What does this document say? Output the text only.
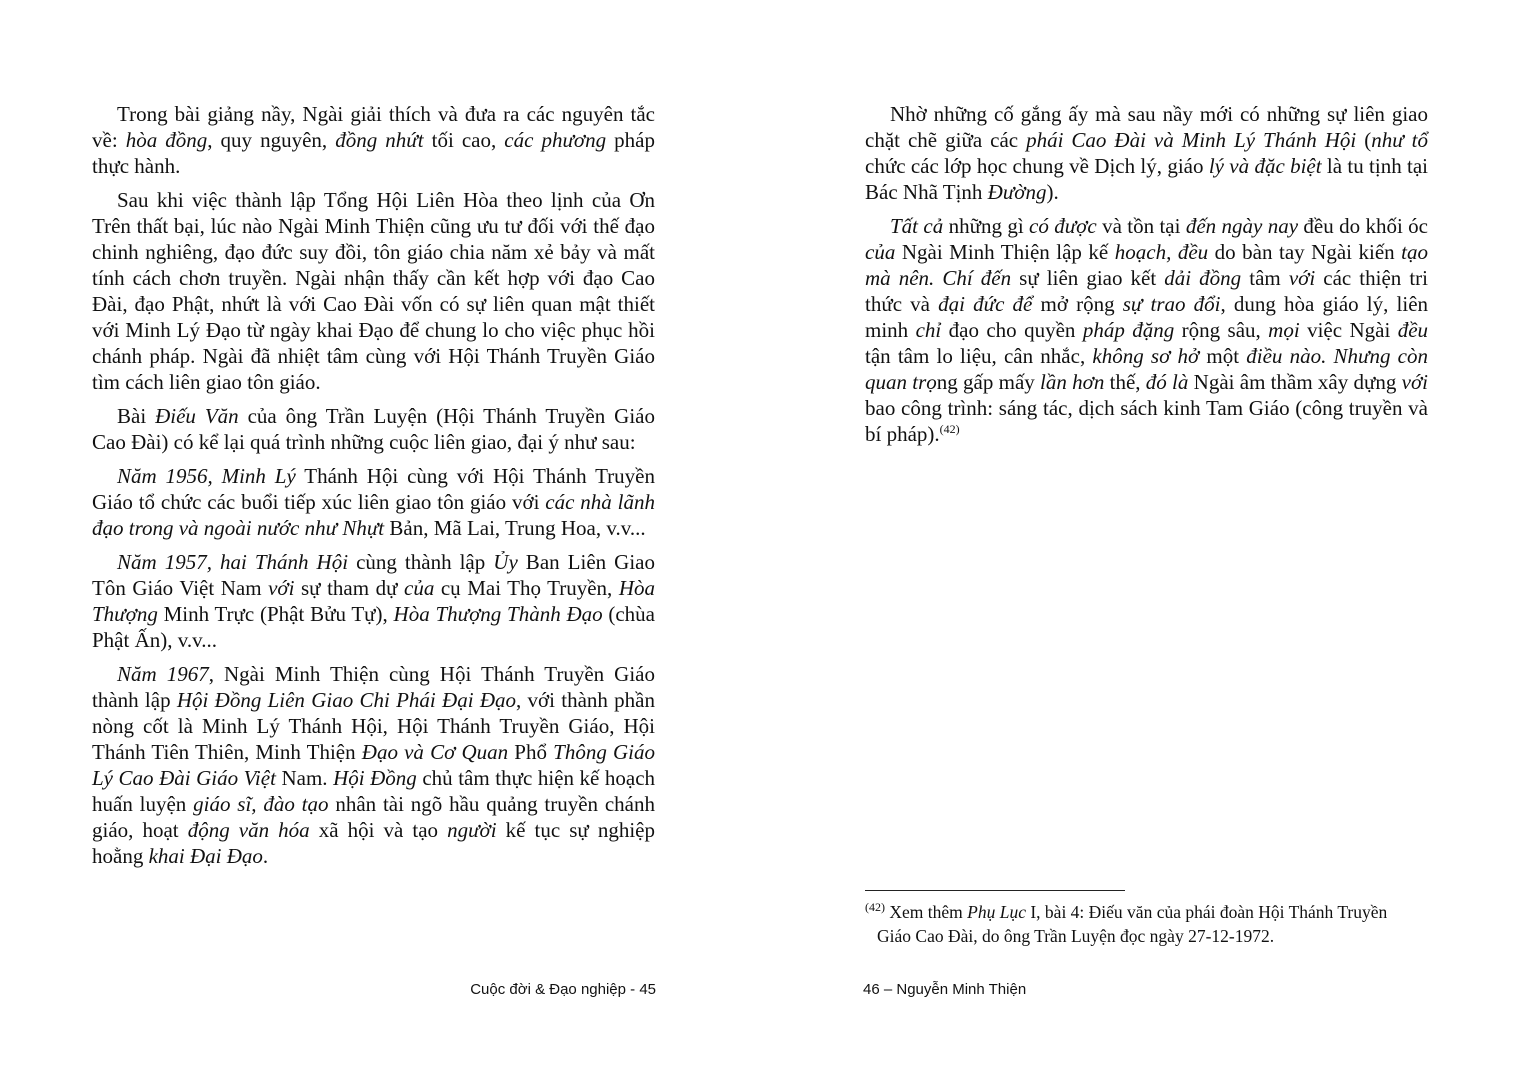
Trong bài giảng nầy, Ngài giải thích và đưa ra các nguyên tắc về: hòa đồng, quy nguyên, đồng nhứt tối cao, các phương pháp thực hành.

Sau khi việc thành lập Tổng Hội Liên Hòa theo lịnh của Ơn Trên thất bại, lúc nào Ngài Minh Thiện cũng ưu tư đối với thế đạo chinh nghiêng, đạo đức suy đồi, tôn giáo chia năm xẻ bảy và mất tính cách chơn truyền. Ngài nhận thấy cần kết hợp với đạo Cao Đài, đạo Phật, nhứt là với Cao Đài vốn có sự liên quan mật thiết với Minh Lý Đạo từ ngày khai Đạo để chung lo cho việc phục hồi chánh pháp. Ngài đã nhiệt tâm cùng với Hội Thánh Truyền Giáo tìm cách liên giao tôn giáo.

Bài Điếu Văn của ông Trần Luyện (Hội Thánh Truyền Giáo Cao Đài) có kể lại quá trình những cuộc liên giao, đại ý như sau:

Năm 1956, Minh Lý Thánh Hội cùng với Hội Thánh Truyền Giáo tổ chức các buổi tiếp xúc liên giao tôn giáo với các nhà lãnh đạo trong và ngoài nước như Nhựt Bản, Mã Lai, Trung Hoa, v.v...

Năm 1957, hai Thánh Hội cùng thành lập Ủy Ban Liên Giao Tôn Giáo Việt Nam với sự tham dự của cụ Mai Thọ Truyền, Hòa Thượng Minh Trực (Phật Bửu Tự), Hòa Thượng Thành Đạo (chùa Phật Ấn), v.v...

Năm 1967, Ngài Minh Thiện cùng Hội Thánh Truyền Giáo thành lập Hội Đồng Liên Giao Chi Phái Đại Đạo, với thành phần nòng cốt là Minh Lý Thánh Hội, Hội Thánh Truyền Giáo, Hội Thánh Tiên Thiên, Minh Thiện Đạo và Cơ Quan Phổ Thông Giáo Lý Cao Đài Giáo Việt Nam. Hội Đồng chủ tâm thực hiện kế hoạch huấn luyện giáo sĩ, đào tạo nhân tài ngõ hầu quảng truyền chánh giáo, hoạt động văn hóa xã hội và tạo người kế tục sự nghiệp hoằng khai Đại Đạo.

Cuộc đời & Đạo nghiệp - 45

Nhờ những cố gắng ấy mà sau nầy mới có những sự liên giao chặt chẽ giữa các phái Cao Đài và Minh Lý Thánh Hội (như tổ chức các lớp học chung về Dịch lý, giáo lý và đặc biệt là tu tịnh tại Bác Nhã Tịnh Đường).

Tất cả những gì có được và tồn tại đến ngày nay đều do khối óc của Ngài Minh Thiện lập kế hoạch, đều do bàn tay Ngài kiến tạo mà nên. Chí đến sự liên giao kết dải đồng tâm với các thiện tri thức và đại đức để mở rộng sự trao đổi, dung hòa giáo lý, liên minh chỉ đạo cho quyền pháp đặng rộng sâu, mọi việc Ngài đều tận tâm lo liệu, cân nhắc, không sơ hở một điều nào. Nhưng còn quan trọng gấp mấy lần hơn thế, đó là Ngài âm thầm xây dựng với bao công trình: sáng tác, dịch sách kinh Tam Giáo (công truyền và bí pháp).$^{(42)}$

$^{(42)}$ Xem thêm Phụ Lục I, bài 4: Điếu văn của phái đoàn Hội Thánh Truyền
Giáo Cao Đài, do ông Trần Luyện đọc ngày 27-12-1972.
46 – Nguyễn Minh Thiện
